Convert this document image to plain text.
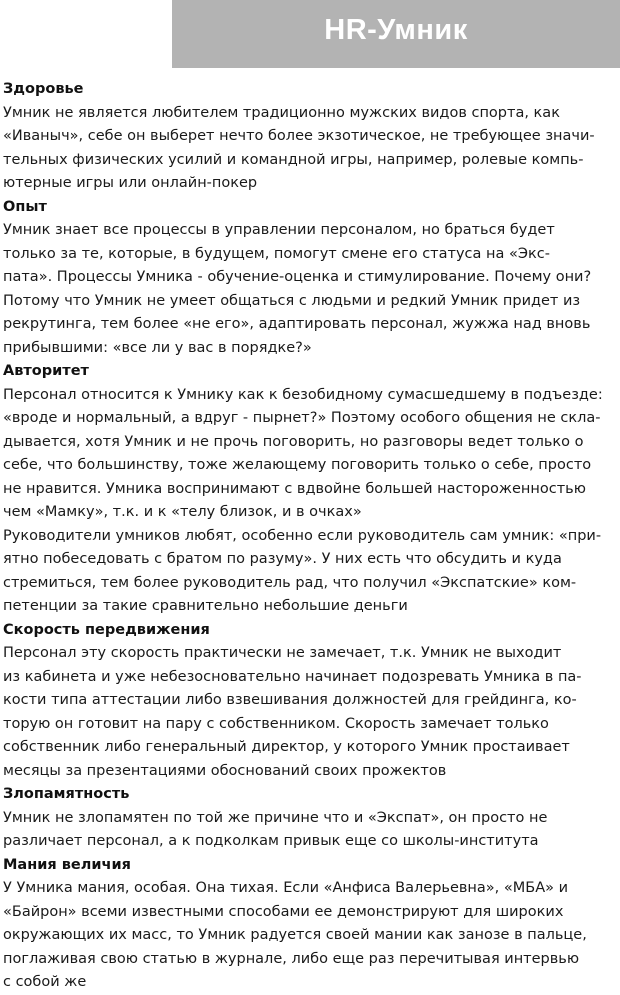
HR-Умник
Здоровье
Умник не является любителем традиционно мужских видов спорта, как
«Иваныч», себе он выберет нечто более экзотическое, не требующее значи-
тельных физических усилий и командной игры, например, ролевые компь-
ютерные игры или онлайн-покер
Опыт
Умник знает все процессы в управлении персоналом, но браться будет
только за те, которые, в будущем, помогут смене его статуса на «Экс-
пата». Процессы Умника - обучение-оценка и стимулирование. Почему они?
Потому что Умник не умеет общаться с людьми и редкий Умник придет из
рекрутинга, тем более «не его», адаптировать персонал, жужжа над вновь
прибывшими: «все ли у вас в порядке?»
Авторитет
Персонал относится к Умнику как к безобидному сумасшедшему в подъезде:
«вроде и нормальный, а вдруг - пырнет?» Поэтому особого общения не скла-
дывается, хотя Умник и не прочь поговорить, но разговоры ведет только о
себе, что большинству, тоже желающему поговорить только о себе, просто
не нравится. Умника воспринимают с вдвойне большей настороженностью
чем «Мамку», т.к. и к «телу близок, и в очках»
Руководители умников любят, особенно если руководитель сам умник: «при-
ятно побеседовать с братом по разуму». У них есть что обсудить и куда
стремиться, тем более руководитель рад, что получил «Экспатские» ком-
петенции за такие сравнительно небольшие деньги
Скорость передвижения
Персонал эту скорость практически не замечает, т.к. Умник не выходит
из кабинета и уже небезосновательно начинает подозревать Умника в па-
кости типа аттестации либо взвешивания должностей для грейдинга, ко-
торую он готовит на пару с собственником. Скорость замечает только
собственник либо генеральный директор, у которого Умник простаивает
месяцы за презентациями обоснований своих прожектов
Злопамятность
Умник не злопамятен по той же причине что и «Экспат», он просто не
различает персонал, а к подколкам привык еще со школы-института
Мания величия
У Умника мания, особая. Она тихая. Если «Анфиса Валерьевна», «МБА» и
«Байрон» всеми известными способами ее демонстрируют для широких
окружающих их масс, то Умник радуется своей мании как занозе в пальце,
поглаживая свою статью в журнале, либо еще раз перечитывая интервью
с собой же
